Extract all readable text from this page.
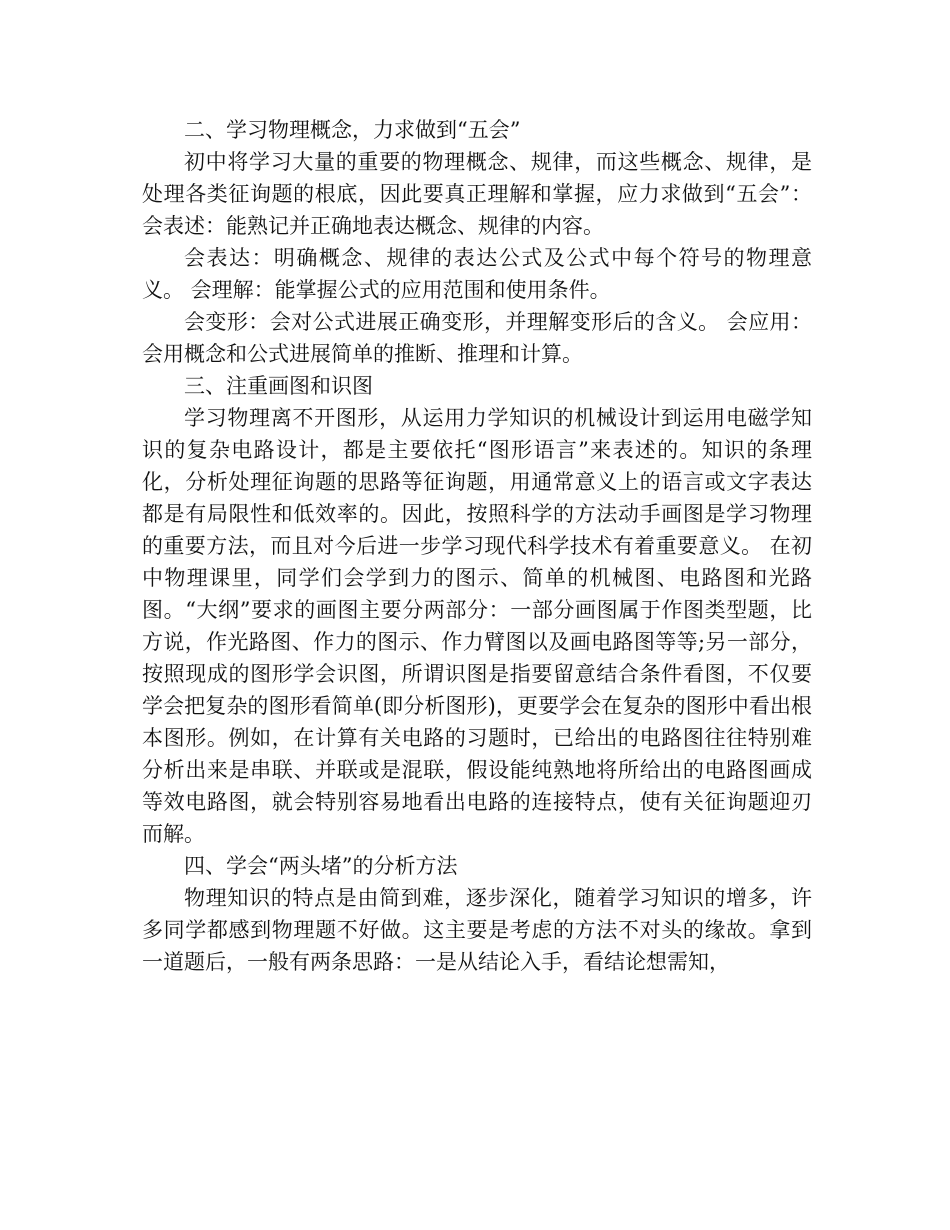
二、学习物理概念，力求做到“五会”

初中将学习大量的重要的物理概念、规律，而这些概念、规律，是处理各类征询题的根底，因此要真正理解和掌握，应力求做到“五会”： 会表述：能熟记并正确地表达概念、规律的内容。

会表达：明确概念、规律的表达公式及公式中每个符号的物理意义。 会理解：能掌握公式的应用范围和使用条件。

会变形：会对公式进展正确变形，并理解变形后的含义。 会应用：会用概念和公式进展简单的推断、推理和计算。

三、注重画图和识图

学习物理离不开图形，从运用力学知识的机械设计到运用电磁学知识的复杂电路设计，都是主要依托“图形语言”来表述的。知识的条理化，分析处理征询题的思路等征询题，用通常意义上的语言或文字表达都是有局限性和低效率的。因此，按照科学的方法动手画图是学习物理的重要方法，而且对今后进一步学习现代科学技术有着重要意义。 在初中物理课里，同学们会学到力的图示、简单的机械图、电路图和光路图。“大纲”要求的画图主要分两部分：一部分画图属于作图类型题，比方说，作光路图、作力的图示、作力臂图以及画电路图等等;另一部分，按照现成的图形学会识图，所谓识图是指要留意结合条件看图，不仅要学会把复杂的图形看简单(即分析图形)，更要学会在复杂的图形中看出根本图形。例如，在计算有关电路的习题时，已给出的电路图往往特别难分析出来是串联、并联或是混联，假设能纯熟地将所给出的电路图画成等效电路图，就会特别容易地看出电路的连接特点，使有关征询题迎刃而解。

四、学会“两头堵”的分析方法

物理知识的特点是由简到难，逐步深化，随着学习知识的增多，许多同学都感到物理题不好做。这主要是考虑的方法不对头的缘故。拿到一道题后，一般有两条思路：一是从结论入手，看结论想需知，
